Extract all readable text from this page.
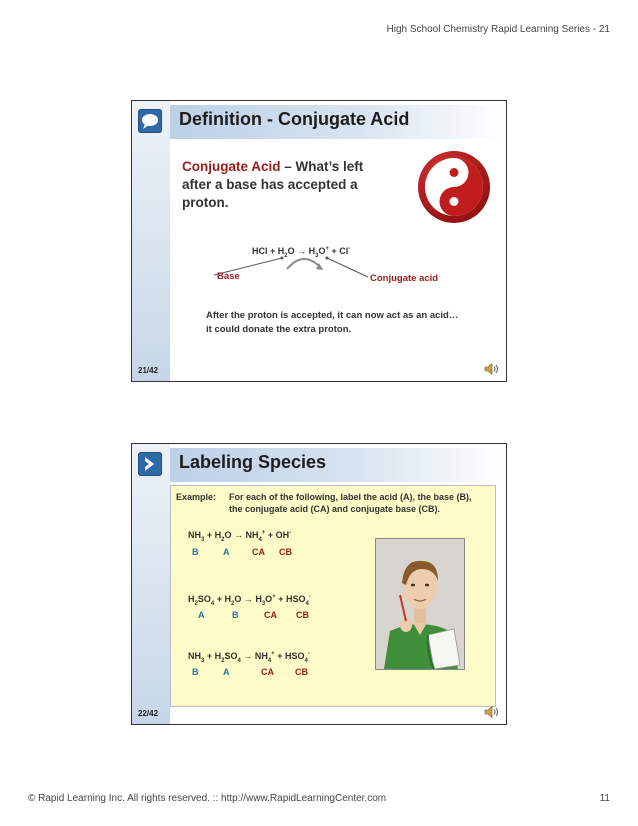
High School Chemistry Rapid Learning Series - 21
Definition - Conjugate Acid
Conjugate Acid – What’s left after a base has accepted a proton.
HCl + $H_2O \to H_3O^+ + Cl^-$
Base	Conjugate acid
After the proton is accepted, it can now act as an acid… it could donate the extra proton.
21/42
Labeling Species
Example:	For each of the following, label the acid (A), the base (B), the conjugate acid (CA) and conjugate base (CB).
$NH_3 + H_2O \to NH_4^+ + OH^-$
B	A	CA CB
$H_2SO_4 + H_2O \to H_3O^+ + HSO_4^-$
A	B	CA CB
$NH_3 + H_2SO_4 \to NH_4^+ + HSO_4^-$
B	A	CA CB
22/42
© Rapid Learning Inc. All rights reserved. :: http://www.RapidLearningCenter.com	11
